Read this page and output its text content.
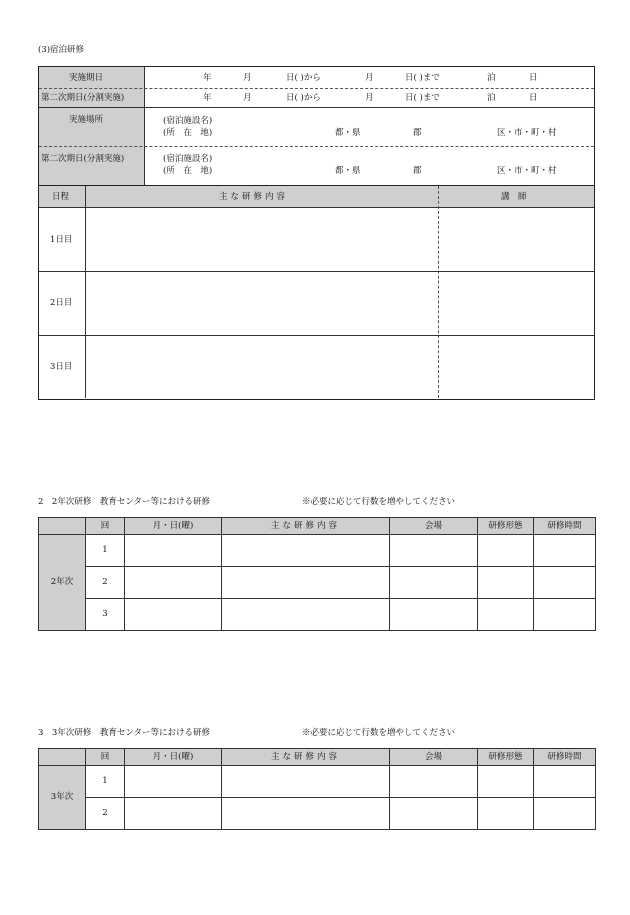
(3)宿泊研修
実施期日	年	月	日( )から	月	日( )まで	泊	日
第二次期日(分割実施)	年	月	日( )から	月	日( )まで	泊	日
実施場所	(宿泊施設名)
(所　在　地)	都・県	郡	区・市・町・村
第二次期日(分割実施)	(宿泊施設名)
(所　在　地)	都・県	郡	区・市・町・村
日程	主な研修内容	講　師
1日目
2日目
3日目
2　2年次研修　教育センター等における研修	※必要に応じて行数を増やしてください
	回	月・日(曜)	主な研修内容	会場	研修形態	研修時間
2年次	1					
	2					
	3					
3　3年次研修　教育センター等における研修	※必要に応じて行数を増やしてください
	回	月・日(曜)	主な研修内容	会場	研修形態	研修時間
3年次	1					
	2					
